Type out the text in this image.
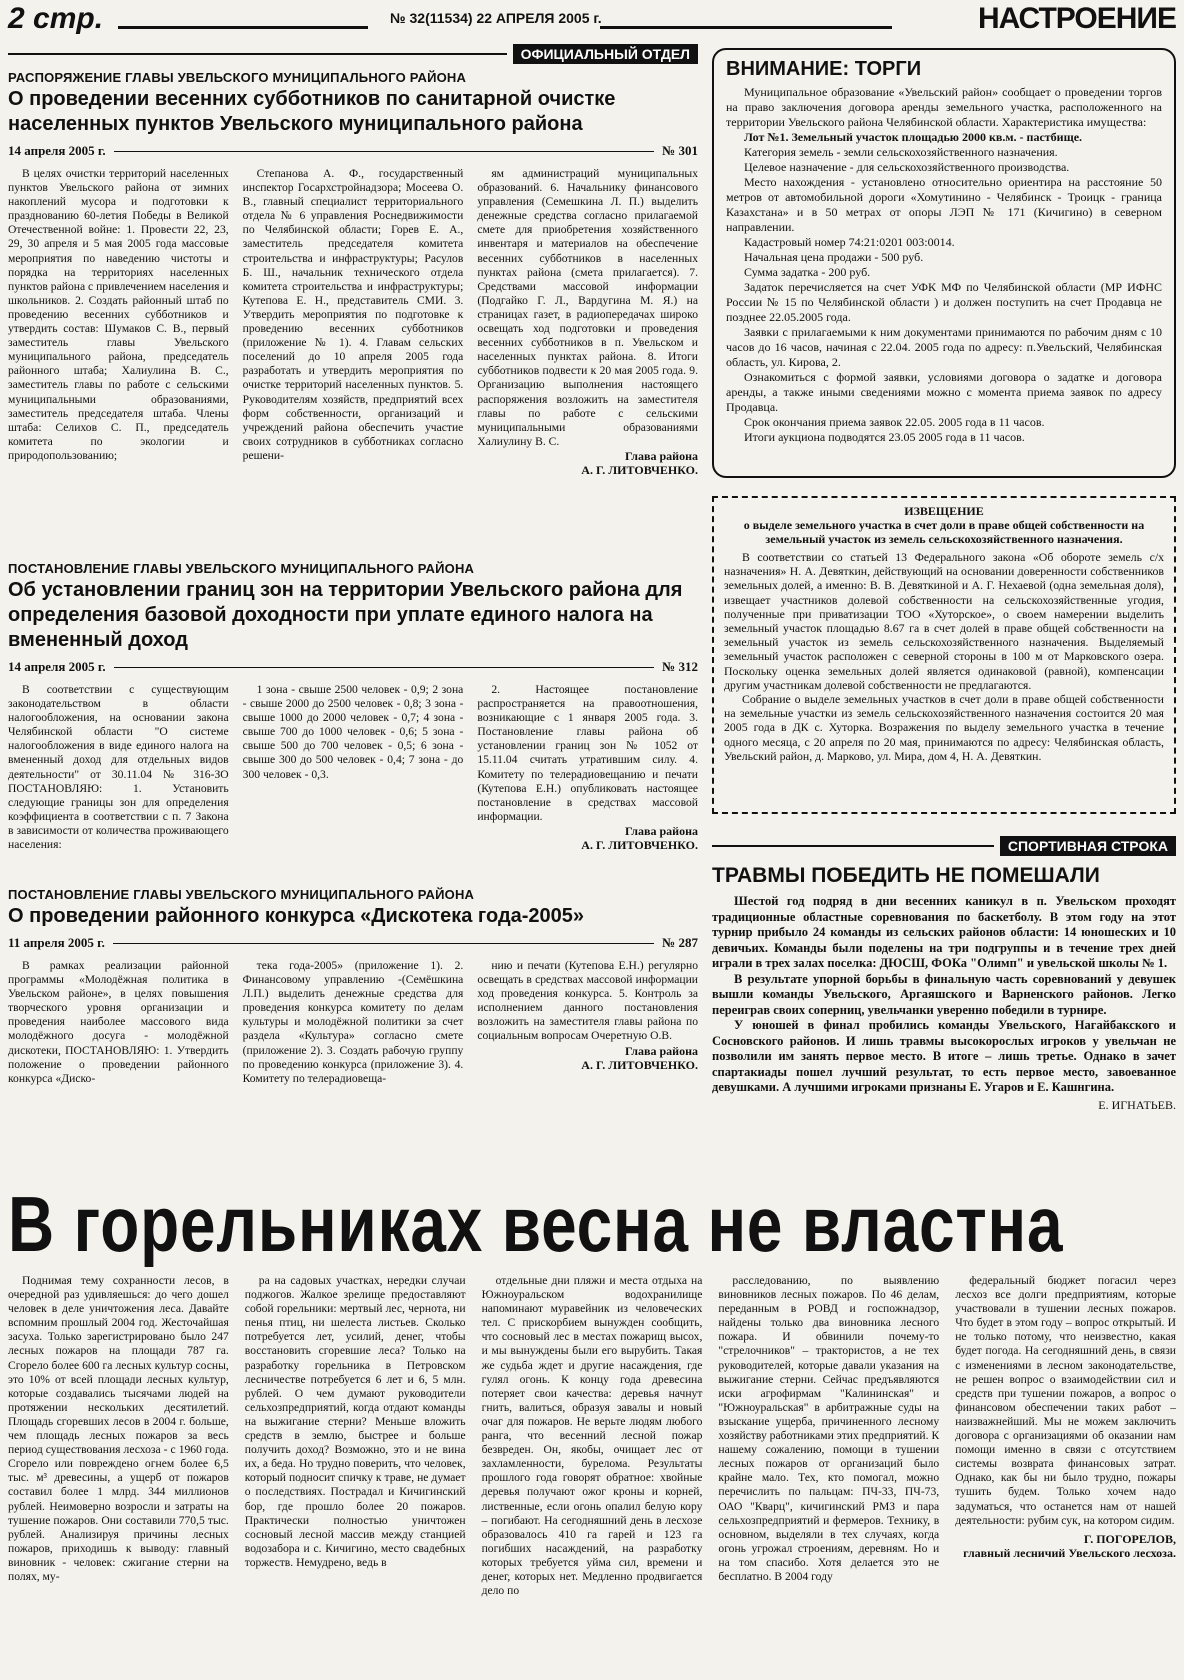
2 стр.	№ 32(11534) 22 АПРЕЛЯ 2005 г.	НАСТРОЕНИЕ
ОФИЦИАЛЬНЫЙ ОТДЕЛ
РАСПОРЯЖЕНИЕ ГЛАВЫ УВЕЛЬСКОГО МУНИЦИПАЛЬНОГО РАЙОНА
О проведении весенних субботников по санитарной очистке населенных пунктов Увельского муниципального района
14 апреля 2005 г.	№ 301

В целях очистки территорий населенных пунктов Увельского района от зимних накоплений мусора и подготовки к празднованию 60-летия Победы в Великой Отечественной войне: 1. Провести 22, 23, 29, 30 апреля и 5 мая 2005 года массовые мероприятия по наведению чистоты и порядка на территориях населенных пунктов района с привлечением населения и школьников. 2. Создать районный штаб по проведению весенних субботников и утвердить состав: Шумаков С. В., первый заместитель главы Увельского муниципального района, председатель районного штаба; Халиулина В. С., заместитель главы по работе с сельскими муниципальными образованиями, заместитель председателя штаба. Члены штаба: Селихов С. П., председатель комитета по экологии и природопользованию;

Степанова А. Ф., государственный инспектор Госархстройнадзора; Мосеева О. В., главный специалист территориального отдела № 6 управления Роснедвижимости по Челябинской области; Горев Е. А., заместитель председателя комитета строительства и инфраструктуры; Расулов Б. Ш., начальник технического отдела комитета строительства и инфраструктуры; Кутепова Е. Н., представитель СМИ. 3. Утвердить мероприятия по подготовке к проведению весенних субботников (приложение № 1). 4. Главам сельских поселений до 10 апреля 2005 года разработать и утвердить мероприятия по очистке территорий населенных пунктов. 5. Руководителям хозяйств, предприятий всех форм собственности, организаций и учреждений района обеспечить участие своих сотрудников в субботниках согласно решени-

ям администраций муниципальных образований. 6. Начальнику финансового управления (Семешкина Л. П.) выделить денежные средства согласно прилагаемой смете для приобретения хозяйственного инвентаря и материалов на обеспечение весенних субботников в населенных пунктах района (смета прилагается). 7. Средствами массовой информации (Подгайко Г. Л., Вардугина М. Я.) на страницах газет, в радиопередачах широко освещать ход подготовки и проведения весенних субботников в п. Увельском и населенных пунктах района. 8. Итоги субботников подвести к 20 мая 2005 года. 9. Организацию выполнения настоящего распоряжения возложить на заместителя главы по работе с сельскими муниципальными образованиями Халиулину В. С.

Глава района
А. Г. ЛИТОВЧЕНКО.
ПОСТАНОВЛЕНИЕ ГЛАВЫ УВЕЛЬСКОГО МУНИЦИПАЛЬНОГО РАЙОНА
Об установлении границ зон на территории Увельского района для определения базовой доходности при уплате единого налога на вмененный доход
14 апреля 2005 г.	№ 312

В соответствии с существующим законодательством в области налогообложения, на основании закона Челябинской области "О системе налогообложения в виде единого налога на вмененный доход для отдельных видов деятельности" от 30.11.04 № 316-ЗО ПОСТАНОВЛЯЮ: 1. Установить следующие границы зон для определения коэффициента в соответствии с п. 7 Закона в зависимости от количества проживающего населения:

1 зона - свыше 2500 человек - 0,9; 2 зона - свыше 2000 до 2500 человек - 0,8; 3 зона - свыше 1000 до 2000 человек - 0,7; 4 зона - свыше 700 до 1000 человек - 0,6; 5 зона - свыше 500 до 700 человек - 0,5; 6 зона - свыше 300 до 500 человек - 0,4; 7 зона - до 300 человек - 0,3.

2. Настоящее постановление распространяется на правоотношения, возникающие с 1 января 2005 года. 3. Постановление главы района об установлении границ зон № 1052 от 15.11.04 считать утратившим силу. 4. Комитету по телерадиовещанию и печати (Кутепова Е.Н.) опубликовать настоящее постановление в средствах массовой информации.

Глава района
А. Г. ЛИТОВЧЕНКО.
ПОСТАНОВЛЕНИЕ ГЛАВЫ УВЕЛЬСКОГО МУНИЦИПАЛЬНОГО РАЙОНА
О проведении районного конкурса «Дискотека года-2005»
11 апреля 2005 г.	№ 287

В рамках реализации районной программы «Молодёжная политика в Увельском районе», в целях повышения творческого уровня организации и проведения наиболее массового вида молодёжного досуга - молодёжной дискотеки, ПОСТАНОВЛЯЮ: 1. Утвердить положение о проведении районного конкурса «Диско-

тека года-2005» (приложение 1). 2. Финансовому управлению -(Семёшкина Л.П.) выделить денежные средства для проведения конкурса комитету по делам культуры и молодёжной политики за счет раздела «Культура» согласно смете (приложение 2). 3. Создать рабочую группу по проведению конкурса (приложение 3). 4. Комитету по телерадиовеща-

нию и печати (Кутепова Е.Н.) регулярно освещать в средствах массовой информации ход проведения конкурса. 5. Контроль за исполнением данного постановления возложить на заместителя главы района по социальным вопросам Очеретную О.В.

Глава района
А. Г. ЛИТОВЧЕНКО.
ВНИМАНИЕ: ТОРГИ

Муниципальное образование «Увельский район» сообщает о проведении торгов на право заключения договора аренды земельного участка, расположенного на территории Увельского района Челябинской области. Характеристика имущества:

Лот №1. Земельный участок площадью 2000 кв.м. - пастбище.

Категория земель - земли сельскохозяйственного назначения.

Целевое назначение - для сельскохозяйственного производства.

Место нахождения - установлено относительно ориентира на расстояние 50 метров от автомобильной дороги «Хомутинино - Челябинск - Троицк - граница Казахстана» и в 50 метрах от опоры ЛЭП № 171 (Кичигино) в северном направлении.

Кадастровый номер 74:21:0201 003:0014.

Начальная цена продажи - 500 руб.

Сумма задатка - 200 руб.

Задаток перечисляется на счет УФК МФ по Челябинской области (МР ИФНС России № 15 по Челябинской области ) и должен поступить на счет Продавца не позднее 22.05.2005 года.

Заявки с прилагаемыми к ним документами принимаются по рабочим дням с 10 часов до 16 часов, начиная с 22.04. 2005 года по адресу: п.Увельский, Челябинская область, ул. Кирова, 2.

Ознакомиться с формой заявки, условиями договора о задатке и договора аренды, а также иными сведениями можно с момента приема заявок по адресу Продавца.

Срок окончания приема заявок 22.05. 2005 года в 11 часов.

Итоги аукциона подводятся 23.05 2005 года в 11 часов.

ИЗВЕЩЕНИЕ
о выделе земельного участка в счет доли в праве общей собственности на земельный участок из земель сельскохозяйственного назначения.

В соответствии со статьей 13 Федерального закона «Об обороте земель с/х назначения» Н. А. Девяткин, действующий на основании доверенности собственников земельных долей, а именно: В. В. Девяткиной и А. Г. Нехаевой (одна земельная доля), извещает участников долевой собственности на сельскохозяйственные угодия, полученные при приватизации ТОО «Хуторское», о своем намерении выделить земельный участок площадью 8.67 га в счет долей в праве общей собственности на земельный участок из земель сельскохозяйственного назначения. Выделяемый земельный участок расположен с северной стороны в 100 м от Марковского озера. Поскольку оценка земельных долей является одинаковой (равной), компенсации другим участникам долевой собственности не предлагаются.

Собрание о выделе земельных участков в счет доли в праве общей собственности на земельные участки из земель сельскохозяйственного назначения состоится 20 мая 2005 года в ДК с. Хуторка. Возражения по выделу земельного участка в течение одного месяца, с 20 апреля по 20 мая, принимаются по адресу: Челябинская область, Увельский район, д. Марково, ул. Мира, дом 4, Н. А. Девяткин.

СПОРТИВНАЯ СТРОКА
ТРАВМЫ ПОБЕДИТЬ НЕ ПОМЕШАЛИ

Шестой год подряд в дни весенних каникул в п. Увельском проходят традиционные областные соревнования по баскетболу. В этом году на этот турнир прибыло 24 команды из сельских районов области: 14 юношеских и 10 девичьих. Команды были поделены на три подгруппы и в течение трех дней играли в трех залах поселка: ДЮСШ, ФОКа "Олимп" и увельской школы № 1.

В результате упорной борьбы в финальную часть соревнований у девушек вышли команды Увельского, Аргаяшского и Варненского районов. Легко переиграв своих соперниц, увельчанки уверенно победили в турнире.

У юношей в финал пробились команды Увельского, Нагайбакского и Сосновского районов. И лишь травмы высокорослых игроков у увельчан не позволили им занять первое место. В итоге – лишь третье. Однако в зачет спартакиады пошел лучший результат, то есть первое место, завоеванное девушками. А лучшими игроками признаны Е. Угаров и Е. Кашнгина.

Е. ИГНАТЬЕВ.
В горельниках весна не властна

Поднимая тему сохранности лесов, в очередной раз удивляешься: до чего дошел человек в деле уничтожения леса. Давайте вспомним прошлый 2004 год. Жесточайшая засуха. Только зарегистрировано было 247 лесных пожаров на площади 787 га. Сгорело более 600 га лесных культур сосны, это 10% от всей площади лесных культур, которые создавались тысячами людей на протяжении нескольких десятилетий. Площадь сгоревших лесов в 2004 г. больше, чем площадь лесных пожаров за весь период существования лесхоза - с 1960 года. Сгорело или повреждено огнем более 6,5 тыс. м³ древесины, а ущерб от пожаров составил более 1 млрд. 344 миллионов рублей. Неимоверно возросли и затраты на тушение пожаров. Они составили 770,5 тыс. рублей. Анализируя причины лесных пожаров, приходишь к выводу: главный виновник - человек: сжигание стерни на полях, му-

ра на садовых участках, нередки случаи поджогов. Жалкое зрелище предоставляют собой горельники: мертвый лес, чернота, ни пенья птиц, ни шелеста листьев. Сколько потребуется лет, усилий, денег, чтобы восстановить сгоревшие леса? Только на разработку горельника в Петровском лесничестве потребуется 6 лет и 6, 5 млн. рублей. О чем думают руководители сельхозпредприятий, когда отдают команды на выжигание стерни? Меньше вложить средств в землю, быстрее и больше получить доход? Возможно, это и не вина их, а беда. Но трудно поверить, что человек, который подносит спичку к траве, не думает о последствиях. Пострадал и Кичигинский бор, где прошло более 20 пожаров. Практически полностью уничтожен сосновый лесной массив между станцией водозабора и с. Кичигино, место свадебных торжеств. Немудрено, ведь в

отдельные дни пляжи и места отдыха на Южноуральском водохранилище напоминают муравейник из человеческих тел. С прискорбием вынужден сообщить, что сосновый лес в местах пожарищ высох, и мы вынуждены были его вырубить. Такая же судьба ждет и другие насаждения, где гулял огонь. К концу года древесина потеряет свои качества: деревья начнут гнить, валиться, образуя завалы и новый очаг для пожаров. Не верьте людям любого ранга, что весенний лесной пожар безвреден. Он, якобы, очищает лес от захламленности, бурелома. Результаты прошлого года говорят обратное: хвойные деревья получают ожог кроны и корней, лиственные, если огонь опалил белую кору – погибают. На сегодняшний день в лесхозе образовалось 410 га гарей и 123 га погибших насаждений, на разработку которых требуется уйма сил, времени и денег, которых нет. Медленно продвигается дело по

расследованию, по выявлению виновников лесных пожаров. По 46 делам, переданным в РОВД и госпожнадзор, найдены только два виновника лесного пожара. И обвинили почему-то "стрелочников" – трактористов, а не тех руководителей, которые давали указания на выжигание стерни. Сейчас предъявляются иски агрофирмам "Калининская" и "Южноуральская" в арбитражные суды на взыскание ущерба, причиненного лесному хозяйству работниками этих предприятий. К нашему сожалению, помощи в тушении лесных пожаров от организаций было крайне мало. Тех, кто помогал, можно перечислить по пальцам: ПЧ-33, ПЧ-73, ОАО "Кварц", кичигинский РМЗ и пара сельхозпредприятий и фермеров. Технику, в основном, выделяли в тех случаях, когда огонь угрожал строениям, деревням. Но и на том спасибо. Хотя делается это не бесплатно. В 2004 году

федеральный бюджет погасил через лесхоз все долги предприятиям, которые участвовали в тушении лесных пожаров. Что будет в этом году – вопрос открытый. И не только потому, что неизвестно, какая будет погода. На сегодняшний день, в связи с изменениями в лесном законодательстве, не решен вопрос о взаимодействии сил и средств при тушении пожаров, а вопрос о финансовом обеспечении таких работ – наизважнейший. Мы не можем заключить договора с организациями об оказании нам помощи именно в связи с отсутствием системы возврата финансовых затрат. Однако, как бы ни было трудно, пожары тушить будем. Только хочем надо задуматься, что останется нам от нашей деятельности: рубим сук, на котором сидим.

Г. ПОГОРЕЛОВ,
главный лесничий Увельского лесхоза.
